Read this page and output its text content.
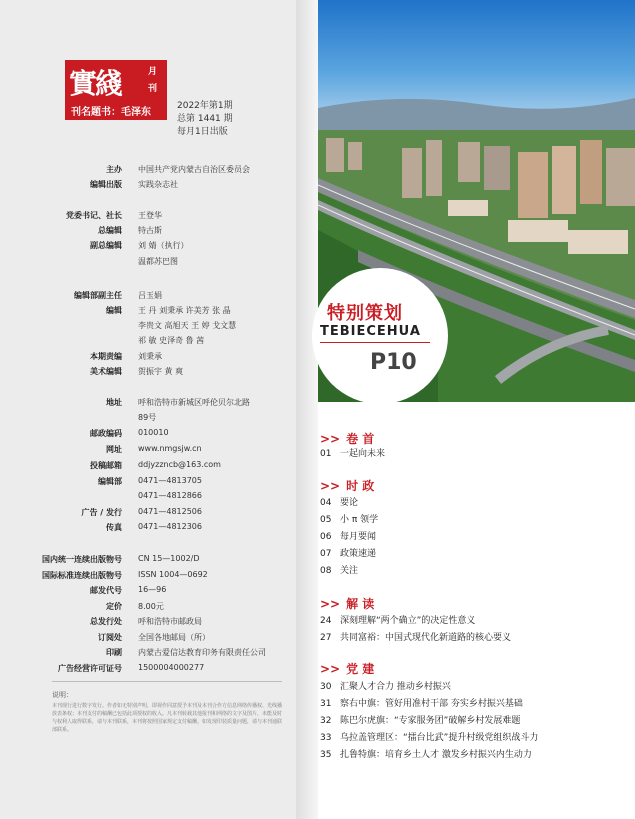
實綫	月
刊
刊名题书：毛泽东
2022年第1期
总第 1441 期
每月1日出版
主办 中国共产党内蒙古自治区委员会
编辑出版 实践杂志社
党委书记、社长 王登华
总编辑 特古斯
副总编辑 刘 婧（执行）
温都苏巴图
编辑部副主任 吕玉娟
编辑 王 丹 刘秉承 许美芳 张 晶
李贵文 高旭天 王 婷 戈文慧
祁 敏 史泽奇 鲁 茜
本期责编 刘秉承
美术编辑 贺振宇 黄 爽
地址 呼和浩特市新城区呼伦贝尔北路
89号
邮政编码 010010
网址 www.nmgsjw.cn
投稿邮箱 ddjyzzncb@163.com
编辑部 0471—4813705
0471—4812866
广告 / 发行 0471—4812506
传真 0471—4812306
国内统一连续出版物号 CN 15—1002/D
国际标准连续出版物号 ISSN 1004—0692
邮发代号 16—96
定价 8.00元
总发行处 呼和浩特市邮政局
订阅处 全国各地邮局（所）
印刷 内蒙古爱信达教育印务有限责任公司
广告经营许可证号 1500004000277
说明：
本刊现行进行数字发行。作者如无特别声明，即视作同意授予本刊及本刊合作方信息网络传播权、光线播放表条权；本刊支付的稿酬已包括此项授权的收入。凡本刊转载其他报刊和网络的文字及图片，未能及时与权利人取得联系，请与本刊联系，本刊将按照国家规定支付稿酬。如发现印装质量问题，请与本刊通联部联系。
特别策划
TEBIECEHUA
P10
>> 卷 首
01 一起向未来
>> 时 政
04 要论
05 小 π 领学
06 每月要闻
07 政策速递
08 关注
>> 解 读
24 深刻理解“两个确立”的决定性意义
27 共同富裕：中国式现代化新道路的核心要义
>> 党 建
30 汇聚人才合力 推动乡村振兴
31 察右中旗：管好用准村干部 夯实乡村振兴基础
32 陈巴尔虎旗：“专家服务团”破解乡村发展难题
33 乌拉盖管理区：“擂台比武”提升村级党组织战斗力
35 扎鲁特旗：培育乡土人才 激发乡村振兴内生动力
